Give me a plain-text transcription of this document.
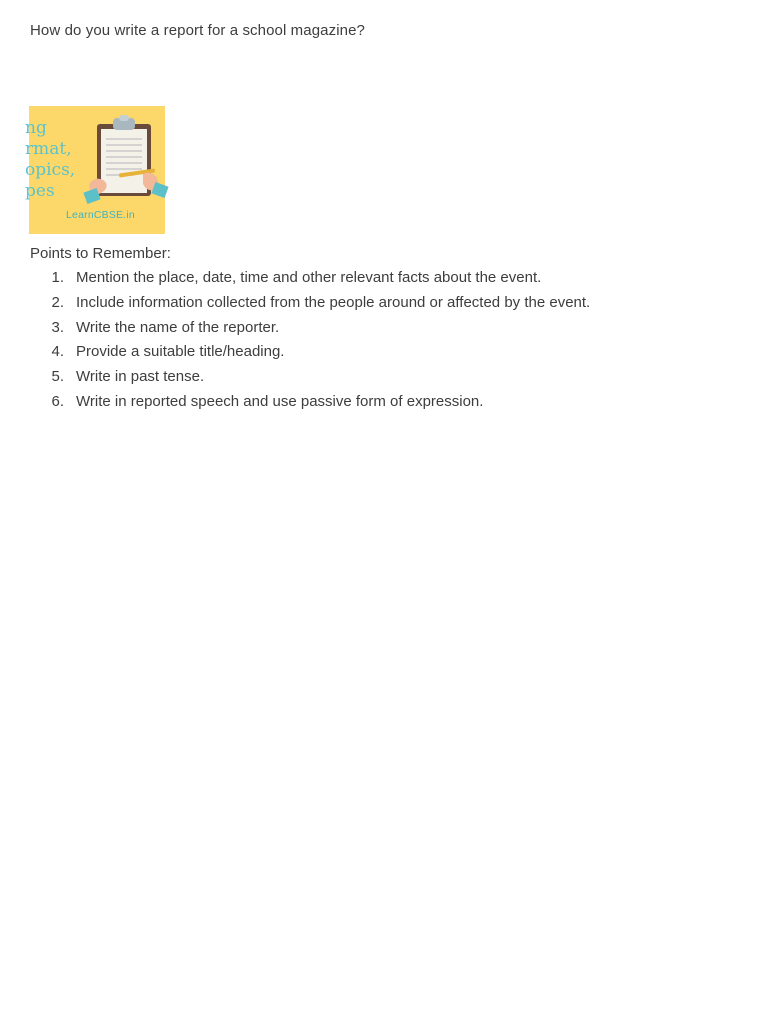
How do you write a report for a school magazine?
ng
rmat,
opics,
pes
LearnCBSE.in
Points to Remember:
1. Mention the place, date, time and other relevant facts about the event.
2. Include information collected from the people around or affected by the event.
3. Write the name of the reporter.
4. Provide a suitable title/heading.
5. Write in past tense.
6. Write in reported speech and use passive form of expression.
